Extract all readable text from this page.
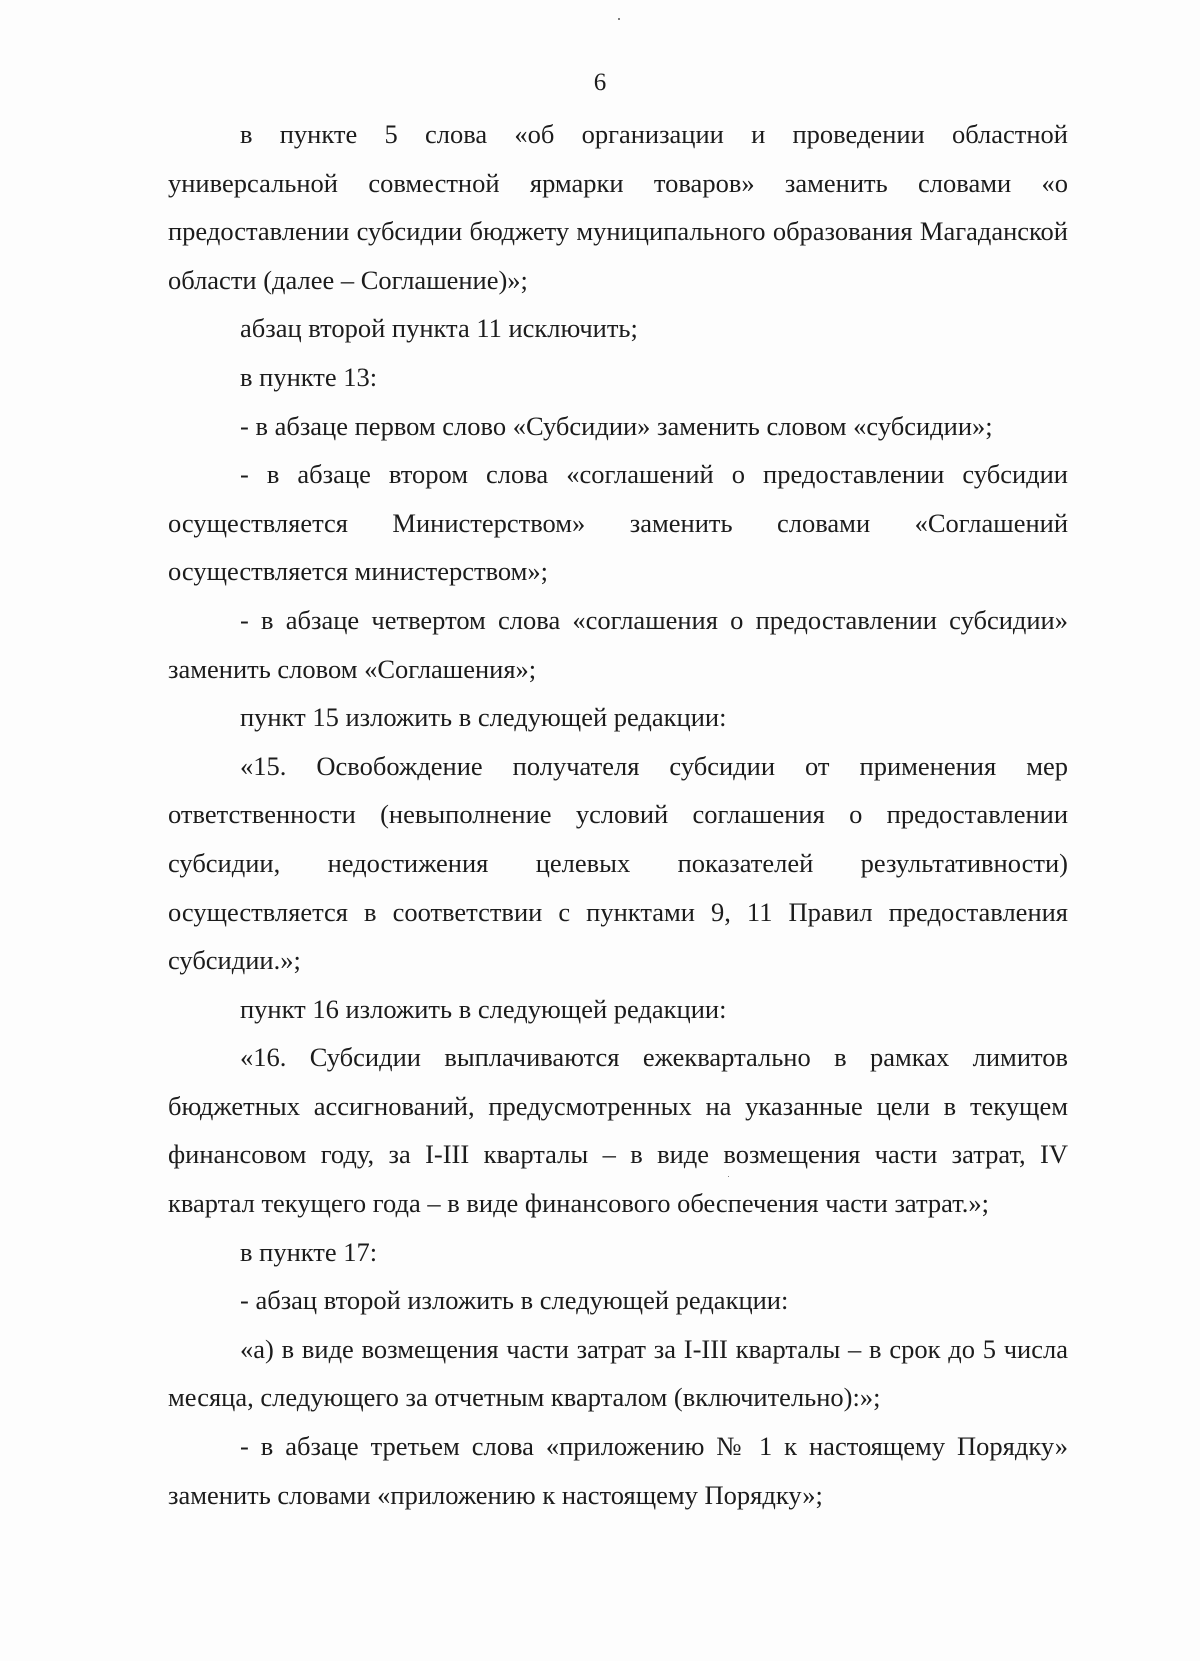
6

в пункте 5 слова «об организации и проведении областной универсальной совместной ярмарки товаров» заменить словами «о предоставлении субсидии бюджету муниципального образования Магаданской области (далее – Соглашение)»;

абзац второй пункта 11 исключить;

в пункте 13:

- в абзаце первом слово «Субсидии» заменить словом «субсидии»;

- в абзаце втором слова «соглашений о предоставлении субсидии осуществляется Министерством» заменить словами «Соглашений осуществляется министерством»;

- в абзаце четвертом слова «соглашения о предоставлении субсидии» заменить словом «Соглашения»;

пункт 15 изложить в следующей редакции:

«15. Освобождение получателя субсидии от применения мер ответственности (невыполнение условий соглашения о предоставлении субсидии, недостижения целевых показателей результативности) осуществляется в соответствии с пунктами 9, 11 Правил предоставления субсидии.»;

пункт 16 изложить в следующей редакции:

«16. Субсидии выплачиваются ежеквартально в рамках лимитов бюджетных ассигнований, предусмотренных на указанные цели в текущем финансовом году, за I-III кварталы – в виде возмещения части затрат, IV квартал текущего года – в виде финансового обеспечения части затрат.»;

в пункте 17:

- абзац второй изложить в следующей редакции:

«а) в виде возмещения части затрат за I-III кварталы – в срок до 5 числа месяца, следующего за отчетным кварталом (включительно):»;

- в абзаце третьем слова «приложению № 1 к настоящему Порядку» заменить словами «приложению к настоящему Порядку»;
